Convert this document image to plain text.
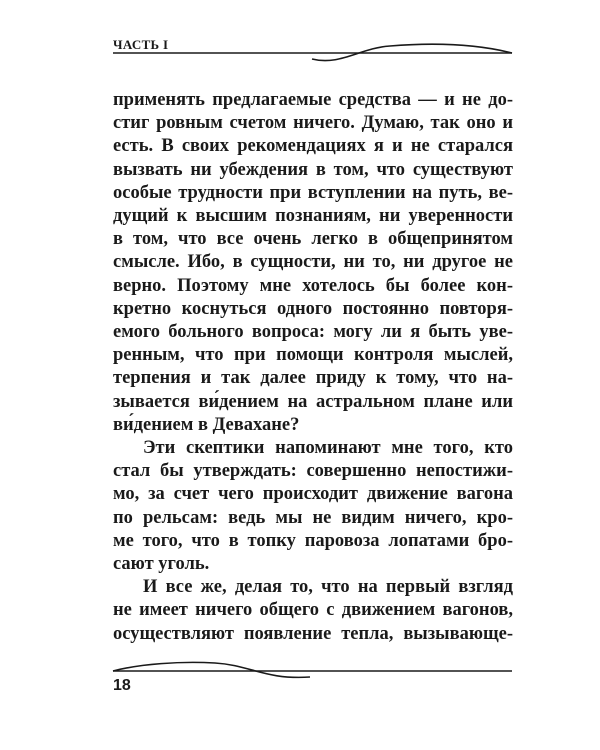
ЧАСТЬ I
применять предлагаемые средства — и не до-
стиг ровным счетом ничего. Думаю, так оно и
есть. В своих рекомендациях я и не старался
вызвать ни убеждения в том, что существуют
особые трудности при вступлении на путь, ве-
дущий к высшим познаниям, ни уверенности
в том, что все очень легко в общепринятом
смысле. Ибо, в сущности, ни то, ни другое не
верно. Поэтому мне хотелось бы более кон-
кретно коснуться одного постоянно повторя-
емого больного вопроса: могу ли я быть уве-
ренным, что при помощи контроля мыслей,
терпения и так далее приду к тому, что на-
зывается ви́дением на астральном плане или
ви́дением в Девахане?
Эти скептики напоминают мне того, кто
стал бы утверждать: совершенно непостижи-
мо, за счет чего происходит движение вагона
по рельсам: ведь мы не видим ничего, кро-
ме того, что в топку паровоза лопатами бро-
сают уголь.
И все же, делая то, что на первый взгляд
не имеет ничего общего с движением вагонов,
осуществляют появление тепла, вызывающе-
18
